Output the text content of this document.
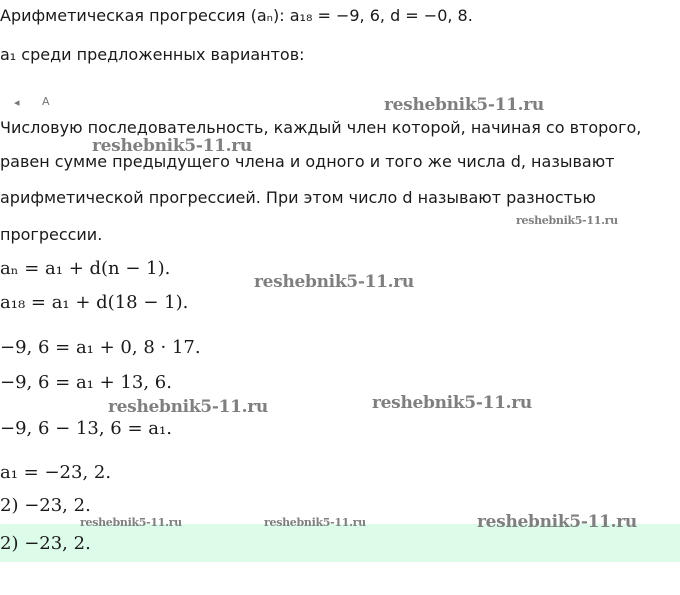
Арифметическая прогрессия (aₙ): a₁₈ = −9, 6, d = −0, 8.
a₁ среди предложенных вариантов:
◂ A
Числовую последовательность, каждый член которой, начиная со второго,
равен сумме предыдущего члена и одного и того же числа d, называют
арифметической прогрессией. При этом число d называют разностью
прогрессии.
aₙ = a₁ + d(n − 1).
a₁₈ = a₁ + d(18 − 1).
−9, 6 = a₁ + 0, 8 · 17.
−9, 6 = a₁ + 13, 6.
−9, 6 − 13, 6 = a₁.
a₁ = −23, 2.
2) −23, 2.
2) −23, 2.
reshebnik5-11.ru
reshebnik5-11.ru
reshebnik5-11.ru
reshebnik5-11.ru
reshebnik5-11.ru	reshebnik5-11.ru
reshebnik5-11.ru	reshebnik5-11.ru	reshebnik5-11.ru
